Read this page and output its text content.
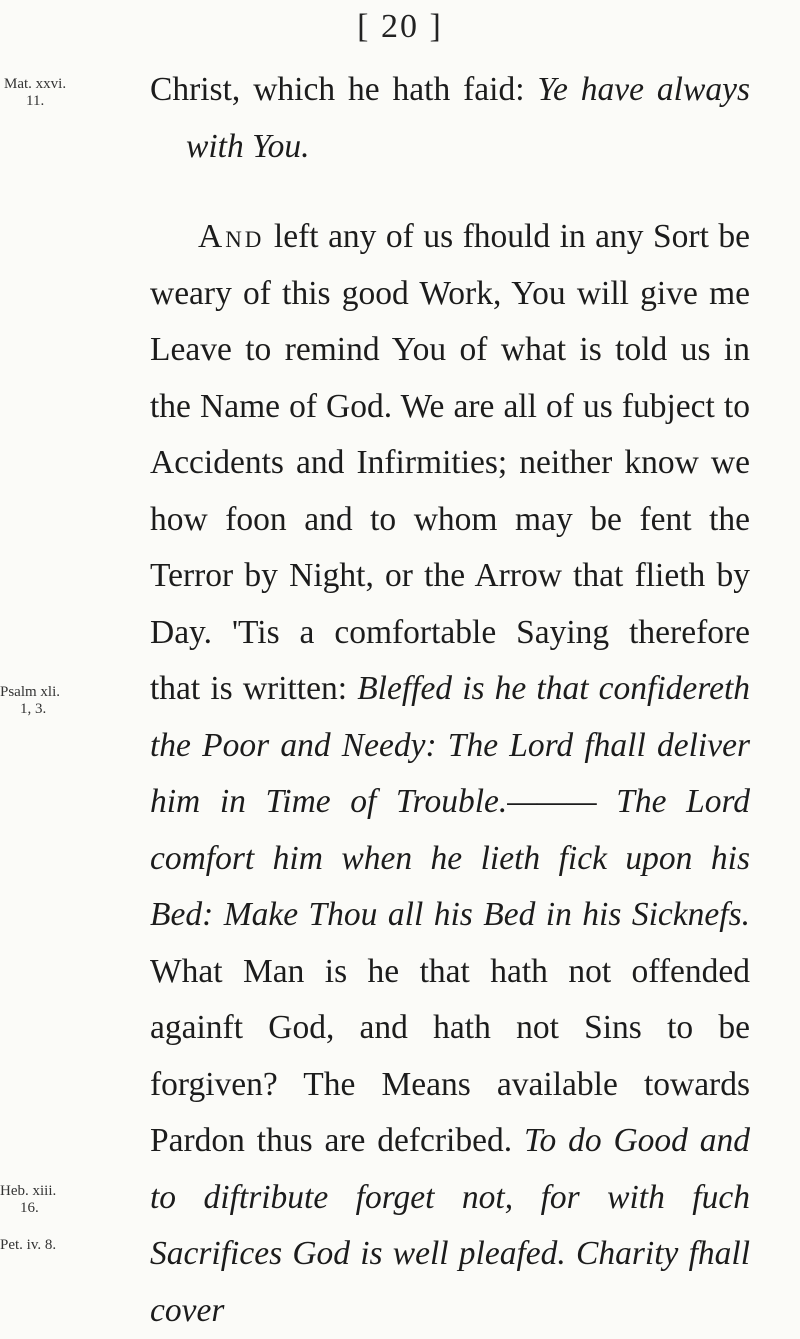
[ 20 ]
Mat. xxvi.
11.
Psalm xli.
1, 3.
Heb. xiii.
16.
Pet. iv. 8.

Christ, which he hath faid: Ye have always with You.

And left any of us fhould in any Sort be weary of this good Work, You will give me Leave to remind You of what is told us in the Name of God. We are all of us fubject to Accidents and Infirmities; neither know we how foon and to whom may be fent the Terror by Night, or the Arrow that flieth by Day. 'Tis a comfortable Saying therefore that is written: Bleffed is he that confidereth the Poor and Needy: The Lord fhall deliver him in Time of Trouble.——— The Lord comfort him when he lieth fick upon his Bed: Make Thou all his Bed in his Sicknefs. What Man is he that hath not offended againft God, and hath not Sins to be forgiven? The Means available towards Pardon thus are defcribed. To do Good and to diftribute forget not, for with fuch Sacrifices God is well pleafed. Charity fhall cover
